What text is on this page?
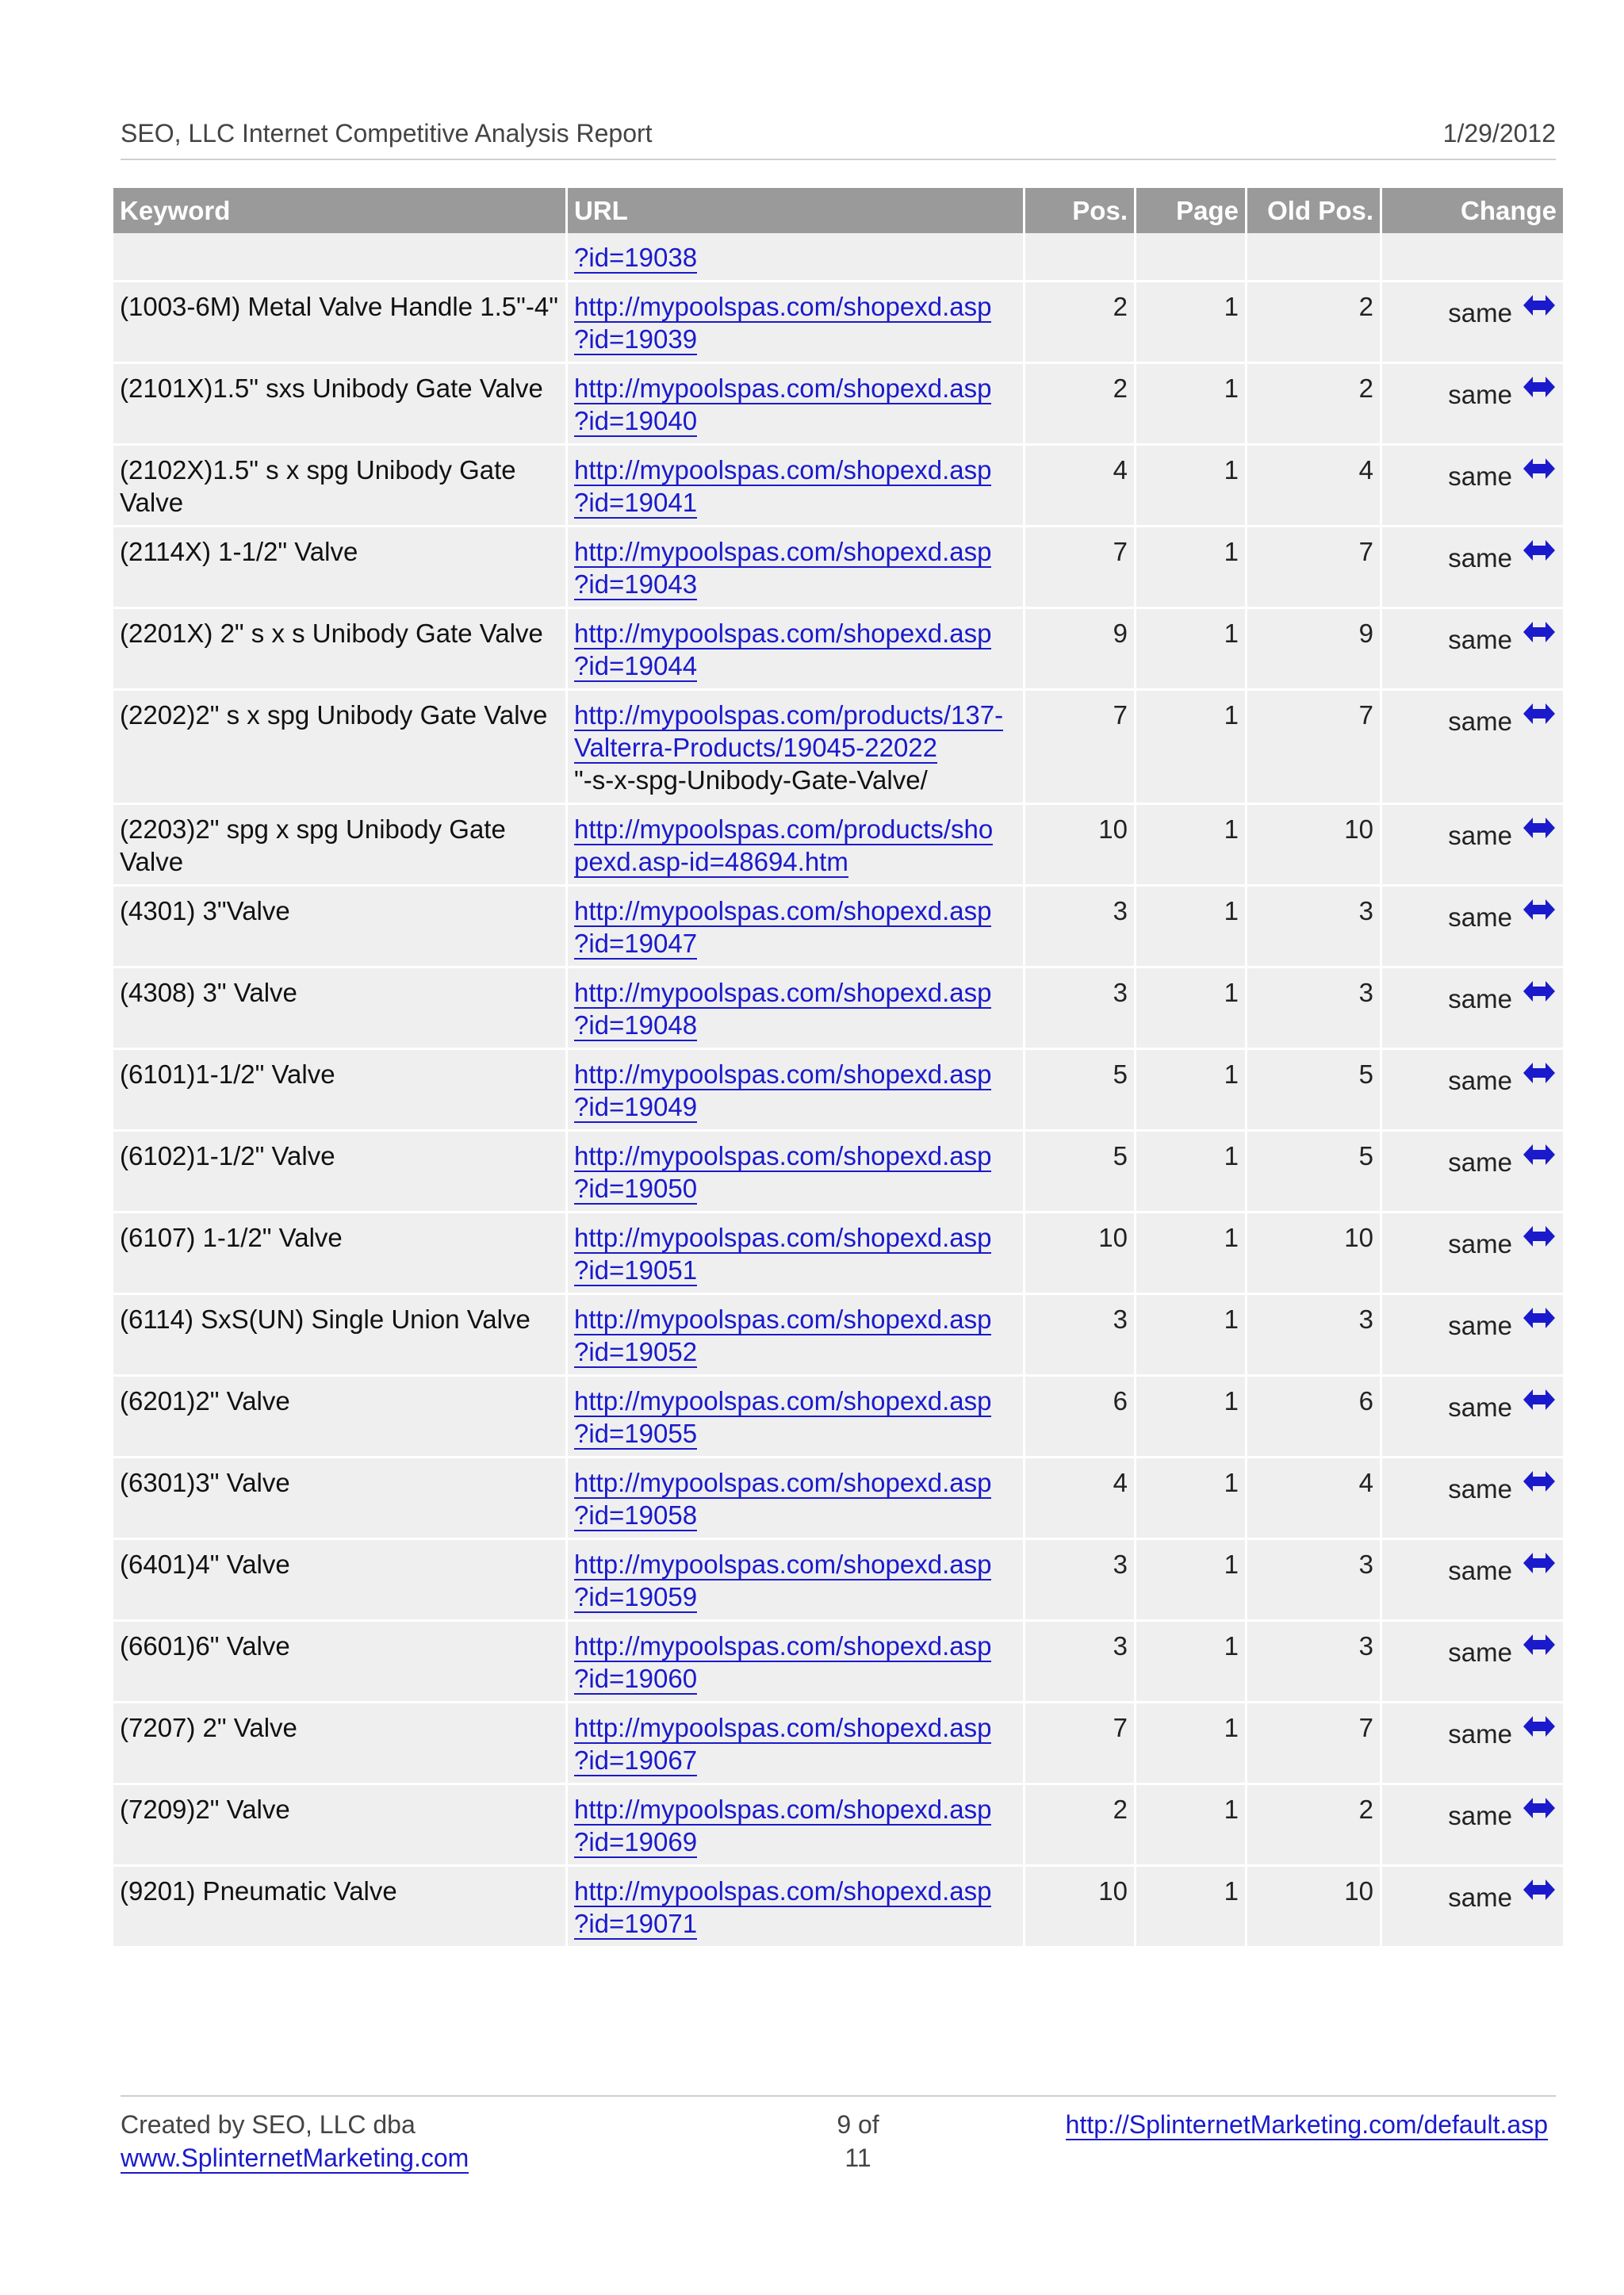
SEO, LLC Internet Competitive Analysis Report	1/29/2012
Keyword	URL	Pos.	Page	Old Pos.	Change
	?id=19038

(1003-6M) Metal Valve Handle 1.5"-4"	http://mypoolspas.com/shopexd.asp
?id=19039	2	1	2	same
(2101X)1.5" sxs Unibody Gate Valve	http://mypoolspas.com/shopexd.asp
?id=19040	2	1	2	same
(2102X)1.5" s x spg Unibody Gate Valve	http://mypoolspas.com/shopexd.asp
?id=19041	4	1	4	same
(2114X) 1-1/2" Valve	http://mypoolspas.com/shopexd.asp
?id=19043	7	1	7	same
(2201X) 2" s x s Unibody Gate Valve	http://mypoolspas.com/shopexd.asp
?id=19044	9	1	9	same
(2202)2" s x spg Unibody Gate Valve	http://mypoolspas.com/products/137-
Valterra-Products/19045-22022
"-s-x-spg-Unibody-Gate-Valve/	7	1	7	same
(2203)2" spg x spg Unibody Gate Valve	http://mypoolspas.com/products/sho
pexd.asp-id=48694.htm	10	1	10	same
(4301) 3"Valve	http://mypoolspas.com/shopexd.asp
?id=19047	3	1	3	same
(4308) 3" Valve	http://mypoolspas.com/shopexd.asp
?id=19048	3	1	3	same
(6101)1-1/2" Valve	http://mypoolspas.com/shopexd.asp
?id=19049	5	1	5	same
(6102)1-1/2" Valve	http://mypoolspas.com/shopexd.asp
?id=19050	5	1	5	same
(6107) 1-1/2" Valve	http://mypoolspas.com/shopexd.asp
?id=19051	10	1	10	same
(6114) SxS(UN) Single Union Valve	http://mypoolspas.com/shopexd.asp
?id=19052	3	1	3	same
(6201)2" Valve	http://mypoolspas.com/shopexd.asp
?id=19055	6	1	6	same
(6301)3" Valve	http://mypoolspas.com/shopexd.asp
?id=19058	4	1	4	same
(6401)4" Valve	http://mypoolspas.com/shopexd.asp
?id=19059	3	1	3	same
(6601)6" Valve	http://mypoolspas.com/shopexd.asp
?id=19060	3	1	3	same
(7207) 2" Valve	http://mypoolspas.com/shopexd.asp
?id=19067	7	1	7	same
(7209)2" Valve	http://mypoolspas.com/shopexd.asp
?id=19069	2	1	2	same
(9201) Pneumatic Valve	http://mypoolspas.com/shopexd.asp
?id=19071	10	1	10	same
Created by SEO, LLC dba
www.SplinternetMarketing.com
9 of
11
http://SplinternetMarketing.com/default.asp
